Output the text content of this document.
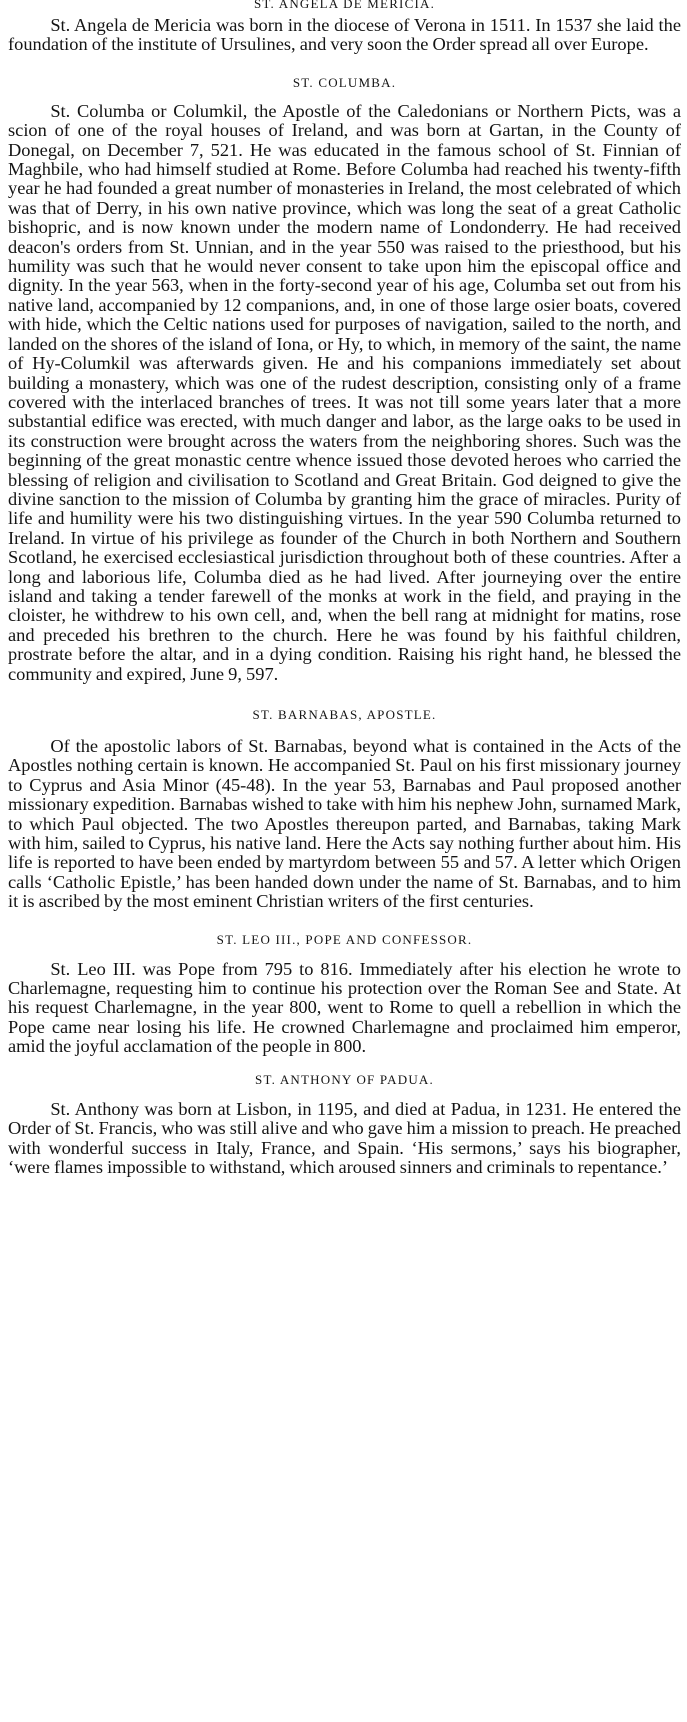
ST. ANGELA DE MERICIA.

St. Angela de Mericia was born in the diocese of Verona in 1511. In 1537 she laid the foundation of the institute of Ursulines, and very soon the Order spread all over Europe.

ST. COLUMBA.

St. Columba or Columkil, the Apostle of the Caledonians or Northern Picts, was a scion of one of the royal houses of Ireland, and was born at Gartan, in the County of Donegal, on December 7, 521. He was educated in the famous school of St. Finnian of Maghbile, who had himself studied at Rome. Before Columba had reached his twenty-fifth year he had founded a great number of monasteries in Ireland, the most celebrated of which was that of Derry, in his own native province, which was long the seat of a great Catholic bishopric, and is now known under the modern name of Londonderry. He had received deacon's orders from St. Unnian, and in the year 550 was raised to the priesthood, but his humility was such that he would never consent to take upon him the episcopal office and dignity. In the year 563, when in the forty-second year of his age, Columba set out from his native land, accompanied by 12 companions, and, in one of those large osier boats, covered with hide, which the Celtic nations used for purposes of navigation, sailed to the north, and landed on the shores of the island of Iona, or Hy, to which, in memory of the saint, the name of Hy-Columkil was afterwards given. He and his companions immediately set about building a monastery, which was one of the rudest description, consisting only of a frame covered with the interlaced branches of trees. It was not till some years later that a more substantial edifice was erected, with much danger and labor, as the large oaks to be used in its construction were brought across the waters from the neighboring shores. Such was the beginning of the great monastic centre whence issued those devoted heroes who carried the blessing of religion and civilisation to Scotland and Great Britain. God deigned to give the divine sanction to the mission of Columba by granting him the grace of miracles. Purity of life and humility were his two distinguishing virtues. In the year 590 Columba returned to Ireland. In virtue of his privilege as founder of the Church in both Northern and Southern Scotland, he exercised ecclesiastical jurisdiction throughout both of these countries. After a long and laborious life, Columba died as he had lived. After journeying over the entire island and taking a tender farewell of the monks at work in the field, and praying in the cloister, he withdrew to his own cell, and, when the bell rang at midnight for matins, rose and preceded his brethren to the church. Here he was found by his faithful children, prostrate before the altar, and in a dying condition. Raising his right hand, he blessed the community and expired, June 9, 597.

ST. BARNABAS, APOSTLE.

Of the apostolic labors of St. Barnabas, beyond what is contained in the Acts of the Apostles nothing certain is known. He accompanied St. Paul on his first missionary journey to Cyprus and Asia Minor (45-48). In the year 53, Barnabas and Paul proposed another missionary expedition. Barnabas wished to take with him his nephew John, surnamed Mark, to which Paul objected. The two Apostles thereupon parted, and Barnabas, taking Mark with him, sailed to Cyprus, his native land. Here the Acts say nothing further about him. His life is reported to have been ended by martyrdom between 55 and 57. A letter which Origen calls ‘Catholic Epistle,’ has been handed down under the name of St. Barnabas, and to him it is ascribed by the most eminent Christian writers of the first centuries.

ST. LEO III., POPE AND CONFESSOR.

St. Leo III. was Pope from 795 to 816. Immediately after his election he wrote to Charlemagne, requesting him to continue his protection over the Roman See and State. At his request Charlemagne, in the year 800, went to Rome to quell a rebellion in which the Pope came near losing his life. He crowned Charlemagne and proclaimed him emperor, amid the joyful acclamation of the people in 800.

ST. ANTHONY OF PADUA.

St. Anthony was born at Lisbon, in 1195, and died at Padua, in 1231. He entered the Order of St. Francis, who was still alive and who gave him a mission to preach. He preached with wonderful success in Italy, France, and Spain. ‘His sermons,’ says his biographer, ‘were flames impossible to withstand, which aroused sinners and criminals to repentance.’
